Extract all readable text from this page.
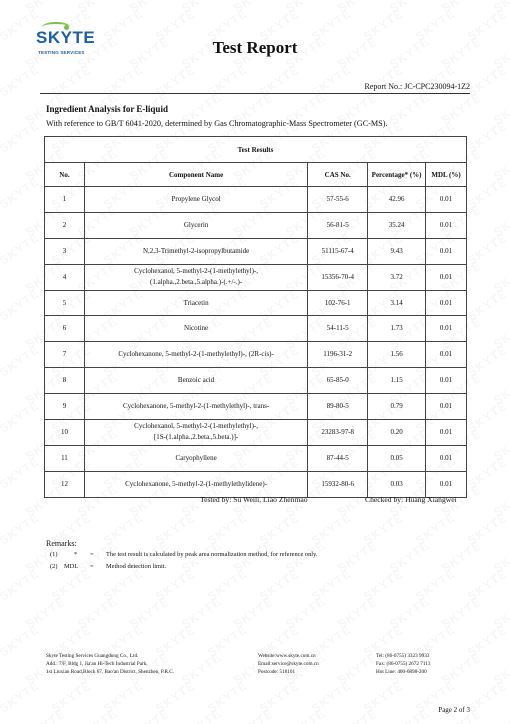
SKYTE
TESTING SERVICES	Test Report
Report No.: JC-CPC230094-1Z2
Ingredient Analysis for E-liquid
With reference to GB/T 6041-2020, determined by Gas Chromatographic-Mass Spectrometer (GC-MS).
Test Results				
No.	Component Name	CAS No.	Percentage* (%)	MDL (%)
1	Propylene Glycol	57-55-6	42.96	0.01
2	Glycerin	56-81-5	35.24	0.01
3	N,2,3-Trimethyl-2-isopropylbutamide	51115-67-4	9.43	0.01
4	Cyclohexanol, 5-methyl-2-(1-methylethyl)-,
(1.alpha.,2.beta.,5.alpha.)-(.+/-.)-	15356-70-4	3.72	0.01
5	Triacetin	102-76-1	3.14	0.01
6	Nicotine	54-11-5	1.73	0.01
7	Cyclohexanone, 5-methyl-2-(1-methylethyl)-, (2R-cis)-	1196-31-2	1.56	0.01
8	Benzoic acid	65-85-0	1.15	0.01
9	Cyclohexanone, 5-methyl-2-(1-methylethyl)-, trans-	89-80-5	0.79	0.01
10	Cyclohexanol, 5-methyl-2-(1-methylethyl)-,
[1S-(1.alpha.,2.beta.,5.beta.)]-	23283-97-8	0.20	0.01
11	Caryophyllene	87-44-5	0.05	0.01
12	Cyclohexanone, 5-methyl-2-(1-methylethylidene)-	15932-80-6	0.03	0.01
Tested by: Su Weili, Liao Zhenmao	Checked by: Huang Xiangwei
Remarks:
(1)	* = The test result is calculated by peak area normalization method, for reference only.
(2) MDL = Method detection limit.
Skyte Testing Services Guangdong Co., Ltd.
Add.: 7/F, Bldg 1, Jia'an Hi-Tech Industrial Park,
1st Liuxian Road,Block 67, Bao'an District, Shenzhen, P.R.C.
Website:www.skyte.com.cn
Email:service@skyte.com.cn
Postcode: 518101
Tel: (86-0755) 3323 9933
Fax: (86-0755) 2672 7113
Hot Line: 400-6898-200
Page 2 of 3
